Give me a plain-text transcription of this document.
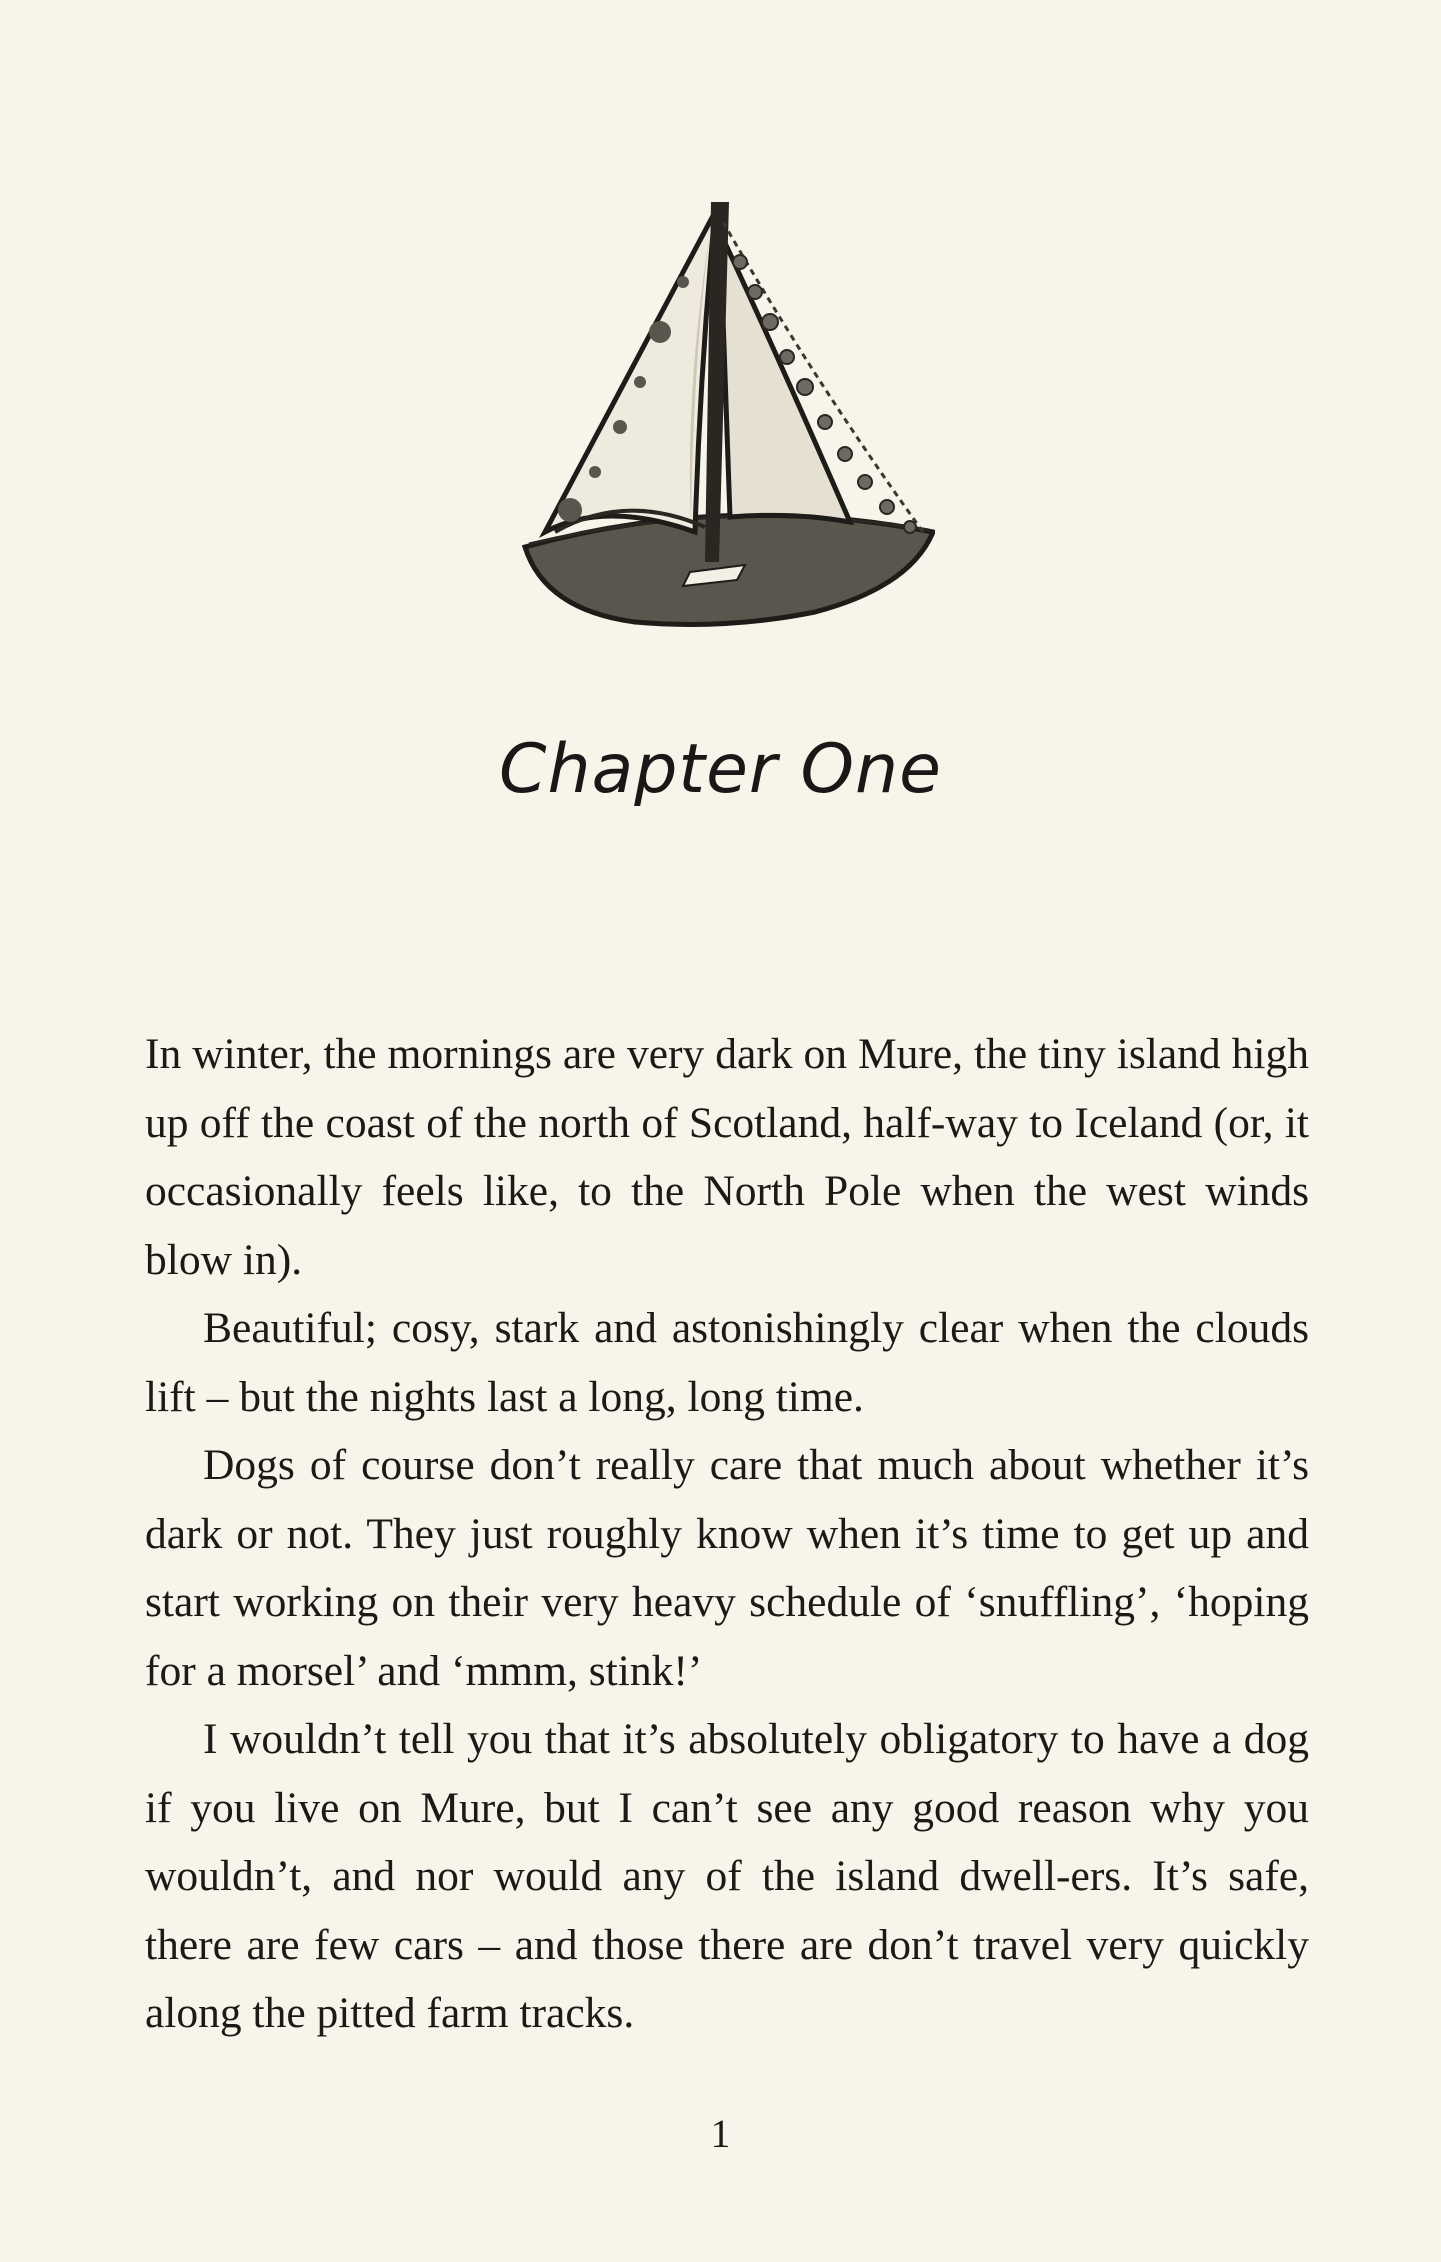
Chapter One

In winter, the mornings are very dark on Mure, the tiny island high up off the coast of the north of Scotland, half-way to Iceland (or, it occasionally feels like, to the North Pole when the west winds blow in).

Beautiful; cosy, stark and astonishingly clear when the clouds lift – but the nights last a long, long time.

Dogs of course don’t really care that much about whether it’s dark or not. They just roughly know when it’s time to get up and start working on their very heavy schedule of ‘snuffling’, ‘hoping for a morsel’ and ‘mmm, stink!’

I wouldn’t tell you that it’s absolutely obligatory to have a dog if you live on Mure, but I can’t see any good reason why you wouldn’t, and nor would any of the island dwell-ers. It’s safe, there are few cars – and those there are don’t travel very quickly along the pitted farm tracks.

1
